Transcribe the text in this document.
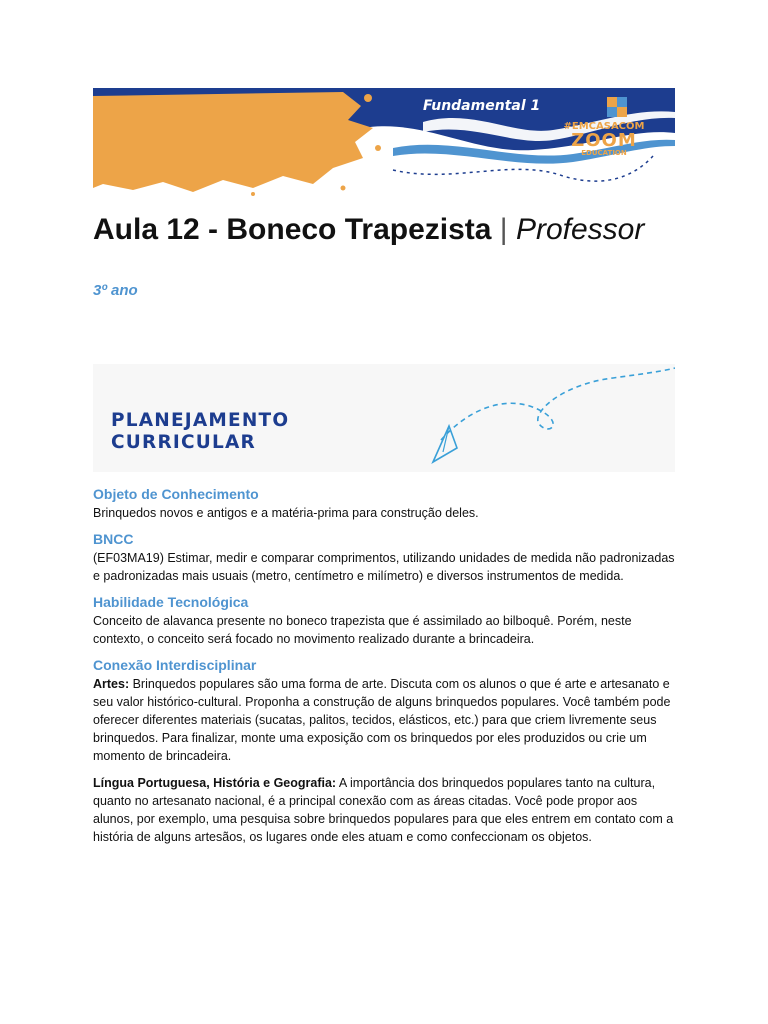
Fundamental 1
#EMCASACOM
ZOOM
EDUCATION
Aula 12 - Boneco Trapezista | Professor
3º ano
PLANEJAMENTO
CURRICULAR
Objeto de Conhecimento

Brinquedos novos e antigos e a matéria-prima para construção deles.

BNCC

(EF03MA19) Estimar, medir e comparar comprimentos, utilizando unidades de medida não padronizadas e padronizadas mais usuais (metro, centímetro e milímetro) e diversos instrumentos de medida.

Habilidade Tecnológica

Conceito de alavanca presente no boneco trapezista que é assimilado ao bilboquê. Porém, neste contexto, o conceito será focado no movimento realizado durante a brincadeira.

Conexão Interdisciplinar

Artes: Brinquedos populares são uma forma de arte. Discuta com os alunos o que é arte e artesanato e seu valor histórico-cultural. Proponha a construção de alguns brinquedos populares. Você também pode oferecer diferentes materiais (sucatas, palitos, tecidos, elásticos, etc.) para que criem livremente seus brinquedos. Para finalizar, monte uma exposição com os brinquedos por eles produzidos ou crie um momento de brincadeira.

Língua Portuguesa, História e Geografia: A importância dos brinquedos populares tanto na cultura, quanto no artesanato nacional, é a principal conexão com as áreas citadas. Você pode propor aos alunos, por exemplo, uma pesquisa sobre brinquedos populares para que eles entrem em contato com a história de alguns artesãos, os lugares onde eles atuam e como confeccionam os objetos.
